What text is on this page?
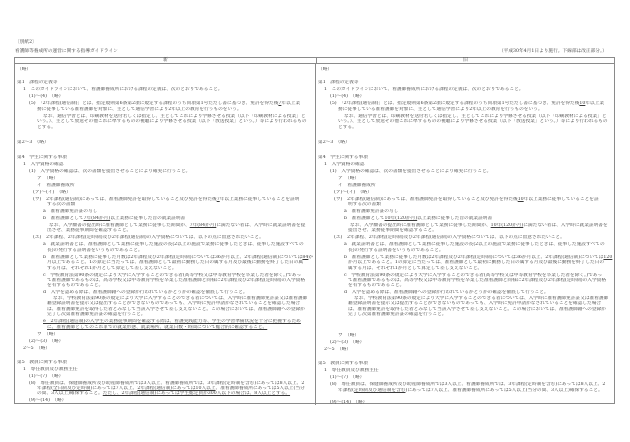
〔別紙2〕
看護師等養成所の運営に関する指導ガイドライン	（平成30年4月1日より施行。下線部は改正部分。）
新	旧
（略）
第1　課程の定義等
1　このガイドラインにおいて、看護師養成所における課程の定義は、次のとおりであること。
(1)～(4)　（略）
(5)　「2年課程(通信制)」とは、指定規則第6条第2項に規定する課程のうち同項第1号ただし書に基づき、免許を得た後7年以上業
務に従事している准看護師を対象に、主として通信学習により2年以上の教育を行うものをいう。
なお、通信学習とは、印刷教材を送付若しくは指定し、主としてこれにより学修させる授業（以下「印刷教材による授業」と
いう。）、主として放送その他これに準ずるものの視聴により学修させる授業（以下「放送授業」という。）等により行われるもの
とする。
第2～3　（略）
第4　学生に関する事項
1　入学資格の確認
(1)　入学資格の確認は、次の書類を提出させることにより確実に行うこと。
ア　（略）
イ　看護師養成所
(ア)～(イ)　（略）
(ウ)　2年課程(通信制)にあっては、准看護師免許を取得していること及び免許を得た後7年以上業務に従事していることを証明
する次の書類
a　准看護師免許証の写し
b　准看護師として7年(84か月)以上業務に従事した旨の就業証明書
なお、入学願書の提出時に准看護師として業務に従事した期間が、7年(84か月)に満たない者は、入学時に就業証明書を提
出させ、業務従事期間を確認すること。
(エ)　2年課程、2年課程(定時制)及び2年課程(通信制)の入学資格については、以下の点に留意されたいこと。
a　就業証明書とは、准看護師として業務に従事した施設の長(2以上の施設で業務に従事したときは、従事した施設すべての
長)の発行する証明書をいうものであること。
b　准看護師として業務に従事した月数は2年課程及び2年課程(定時制)については36か月以上、2年課程(通信制)については84か
月以上であること。1の算定に当たっては、准看護師として最初に勤務した日の属する月及び最後に勤務を終了した日の属
する月は、それぞれ1か月として算定して差し支えないこと。
c　学校教育法第90条の規定により大学に入学することのできる者(高等学校又は中等教育学校を卒業した者を除く。)であっ
て准看護師であるものは、高等学校又は中等教育学校を卒業した准看護師と同様に2年課程及び2年課程(定時制)の入学資格
を有するものであること。
d　入学を認める際は、准看護師籍への登録が行われているかどうかの確認を徹底して行うこと。
なお、学校教育法第90条の規定により大学に入学することのできる者については、入学時に准看護師免許証又は准看護師
籍登録証明書を提示又は提出することができないものであっても、入学時に免許申請がなされていることを確認した場合
は、准看護師免許を取得した者とみなして当該入学させて差し支えないこと。この場合においては、准看護師籍への登録が
完了し次第准看護師免許証の確認を行うこと。
e　2年課程(通信制)の入学生の業務従事期間を確認する際は、看護実践能力等、学生の学習準備状況を十分に把握するため
に、准看護師としてのこれまでの就業形態、就業場所、就業日数・時間について総合的に確認すること。
ウ　（略）
(2)～(3)　（略）
2～5　（略）
第5　教員に関する事項
1　専任教員及び教務主任
(1)～(7)　（略）
(8)　専任教員は、保健師養成所及び助産師養成所では3人以上、看護師養成所では、3年課程(定時制を含む)にあっては8人以上、2
年課程(全日制及び定時制)にあっては7人以上、2年課程(通信制)にあっては10人以上、准看護師養成所にあっては5人以上(当分
の間、3人以上)確保すること。ただし、2年課程(通信制)にあっては学生総定員が300人以下の場合は、8人以上とする。
(9)～(14)　（略）
（略）
第1　課程の定義等
1　このガイドラインにおいて、看護師養成所における課程の定義は、次のとおりであること。
(1)～(4)　（略）
(5)　「2年課程(通信制)」とは、指定規則第6条第2項に規定する課程のうち同項第1号ただし書に基づき、免許を得た後10年以上業
務に従事している准看護師を対象に、主として通信学習により2年以上の教育を行うものをいう。
なお、通信学習とは、印刷教材を送付若しくは指定し、主としてこれにより学修させる授業（以下「印刷教材による授業」と
いう。）、主として放送その他これに準ずるものの視聴により学修させる授業（以下「放送授業」という。）等により行われるもの
とする。
第2～3　（略）
第4　学生に関する事項
1　入学資格の確認
(1)　入学資格の確認は、次の書類を提出させることにより確実に行うこと。
ア　（略）
イ　看護師養成所
(ア)～(イ)　（略）
(ウ)　2年課程(通信制)にあっては、准看護師免許を取得していること及び免許を得た後10年以上業務に従事していることを証
明する次の書類
a　准看護師免許証の写し
b　准看護師として10年(120か月)以上業務に従事した旨の就業証明書
なお、入学願書の提出時に准看護師として業務に従事した期間が、10年(120か月)に満たない者は、入学時に就業証明書を
提出させ、業務従事期間を確認すること。
(エ)　2年課程、2年課程(定時制)及び2年課程(通信制)の入学資格については、以下の点に留意されたいこと。
a　就業証明書とは、准看護師として業務に従事した施設の長(2以上の施設で業務に従事したときは、従事した施設すべての
長)の発行する証明書をいうものであること。
b　准看護師として業務に従事した月数は2年課程及び2年課程(定時制)については36か月以上、2年課程(通信制)については120
か月以上であること。1の算定に当たっては、准看護師として最初に勤務した日の属する月及び最後に勤務を終了した日の
属する月は、それぞれ1か月として算定して差し支えないこと。
c　学校教育法第90条の規定により大学に入学することのできる者(高等学校又は中等教育学校を卒業した者を除く。)であっ
て准看護師であるものは、高等学校又は中等教育学校を卒業した准看護師と同様に2年課程及び2年課程(定時制)の入学資格
を有するものであること。
d　入学を認める際は、准看護師籍への登録が行われているかどうかの確認を徹底して行うこと。
なお、学校教育法第90条の規定により大学に入学することのできる者については、入学時に准看護師免許証又は准看護師
籍登録証明書を提示又は提出することができないものであっても、入学時に免許申請がなされていることを確認した場合
は、准看護師免許を取得した者とみなして当該入学させて差し支えないこと。この場合においては、准看護師籍への登録が
完了し次第准看護師免許証の確認を行うこと。
ウ　（略）
(2)～(3)　（略）
2～5　（略）
第5　教員に関する事項
1　専任教員及び教務主任
(1)～(7)　（略）
(8)　専任教員は、保健師養成所及び助産師養成所では3人以上、看護師養成所では、3年課程(定時制を含む)にあっては8人以上、2
年課程(定時制及び通信制を含む)にあっては7人以上、准看護師養成所にあっては5人以上(当分の間、3人以上)確保すること。
(9)～(14)　（略）
